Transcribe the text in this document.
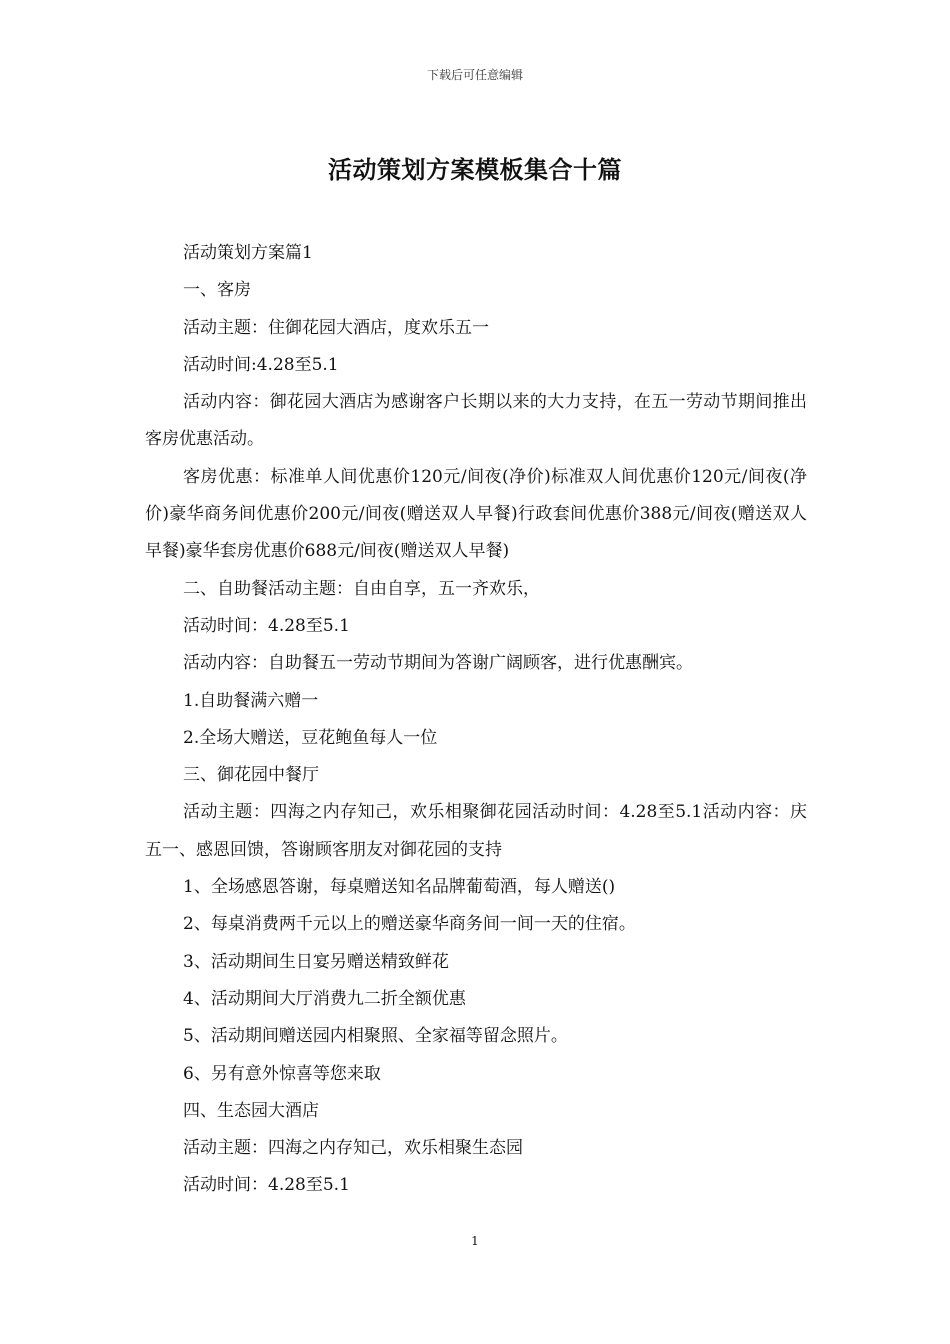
下载后可任意编辑
活动策划方案模板集合十篇

活动策划方案篇1

一、客房

活动主题：住御花园大酒店，度欢乐五一

活动时间:4.28至5.1

活动内容：御花园大酒店为感谢客户长期以来的大力支持，在五一劳动节期间推出客房优惠活动。

客房优惠：标准单人间优惠价120元/间夜(净价)标准双人间优惠价120元/间夜(净价)豪华商务间优惠价200元/间夜(赠送双人早餐)行政套间优惠价388元/间夜(赠送双人早餐)豪华套房优惠价688元/间夜(赠送双人早餐)

二、自助餐活动主题：自由自享，五一齐欢乐，

活动时间：4.28至5.1

活动内容：自助餐五一劳动节期间为答谢广阔顾客，进行优惠酬宾。

1.自助餐满六赠一

2.全场大赠送，豆花鲍鱼每人一位

三、御花园中餐厅

活动主题：四海之内存知己，欢乐相聚御花园活动时间：4.28至5.1活动内容：庆五一、感恩回馈，答谢顾客朋友对御花园的支持

1、全场感恩答谢，每桌赠送知名品牌葡萄酒，每人赠送()

2、每桌消费两千元以上的赠送豪华商务间一间一天的住宿。

3、活动期间生日宴另赠送精致鲜花

4、活动期间大厅消费九二折全额优惠

5、活动期间赠送园内相聚照、全家福等留念照片。

6、另有意外惊喜等您来取

四、生态园大酒店

活动主题：四海之内存知己，欢乐相聚生态园

活动时间：4.28至5.1

1
